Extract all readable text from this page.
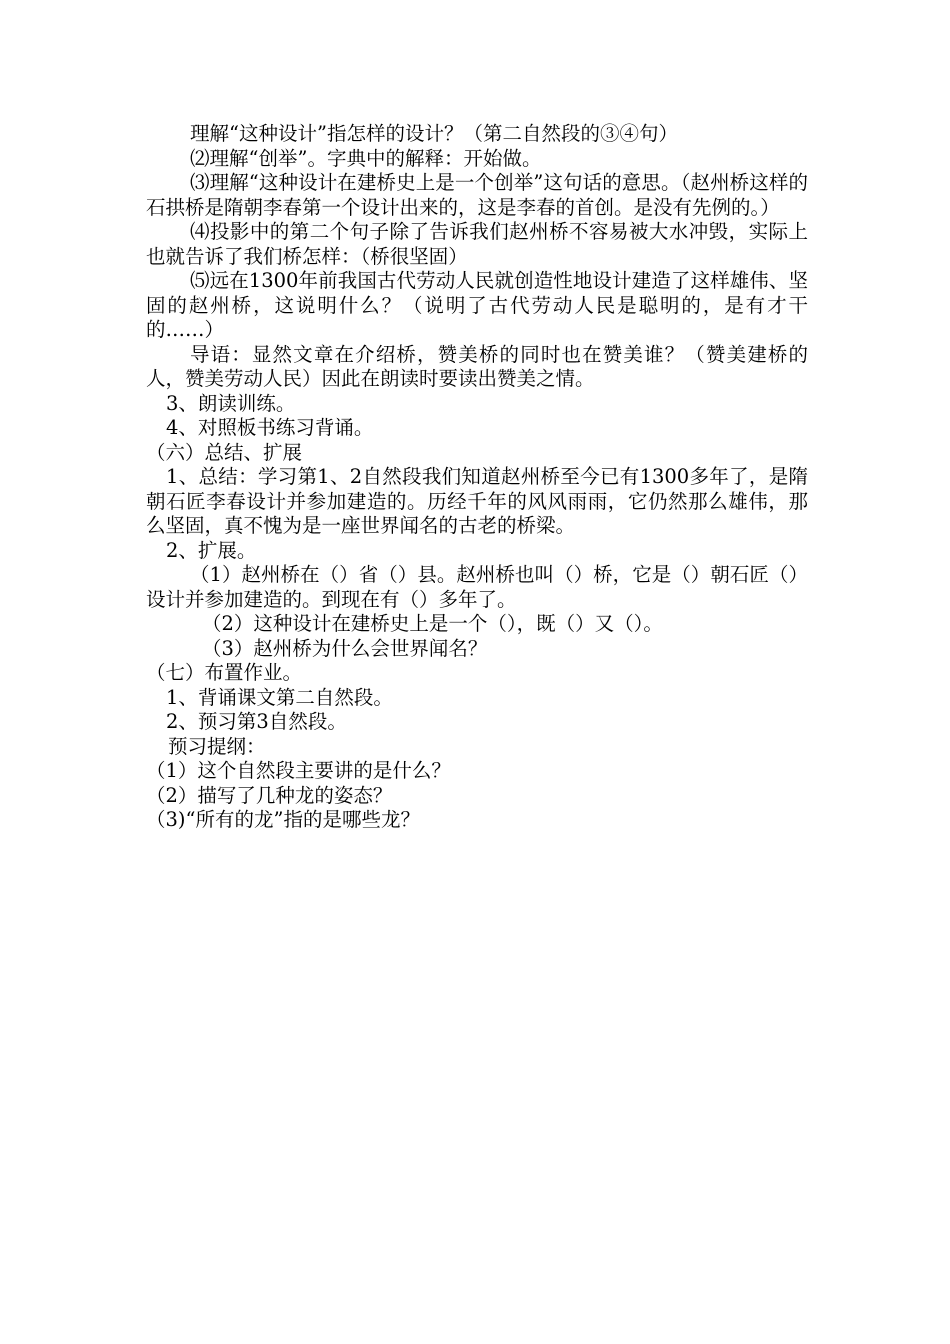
理解“这种设计”指怎样的设计？（第二自然段的③④句）

⑵理解“创举”。字典中的解释：开始做。

⑶理解“这种设计在建桥史上是一个创举”这句话的意思。（赵州桥这样的石拱桥是隋朝李春第一个设计出来的，这是李春的首创。是没有先例的。）

⑷投影中的第二个句子除了告诉我们赵州桥不容易被大水冲毁，实际上也就告诉了我们桥怎样：（桥很坚固）

⑸远在1300年前我国古代劳动人民就创造性地设计建造了这样雄伟、坚固的赵州桥，这说明什么？（说明了古代劳动人民是聪明的，是有才干的……）

导语：显然文章在介绍桥，赞美桥的同时也在赞美谁？（赞美建桥的人，赞美劳动人民）因此在朗读时要读出赞美之情。

3、朗读训练。

4、对照板书练习背诵。

（六）总结、扩展

1、总结：学习第1、2自然段我们知道赵州桥至今已有1300多年了，是隋朝石匠李春设计并参加建造的。历经千年的风风雨雨，它仍然那么雄伟，那么坚固，真不愧为是一座世界闻名的古老的桥梁。

2、扩展。

（1）赵州桥在（）省（）县。赵州桥也叫（）桥，它是（）朝石匠（）设计并参加建造的。到现在有（）多年了。

（2）这种设计在建桥史上是一个（），既（）又（）。

（3）赵州桥为什么会世界闻名？

（七）布置作业。

1、背诵课文第二自然段。

2、预习第3自然段。

预习提纲：

（1）这个自然段主要讲的是什么？

（2）描写了几种龙的姿态？

（3)“所有的龙”指的是哪些龙？
